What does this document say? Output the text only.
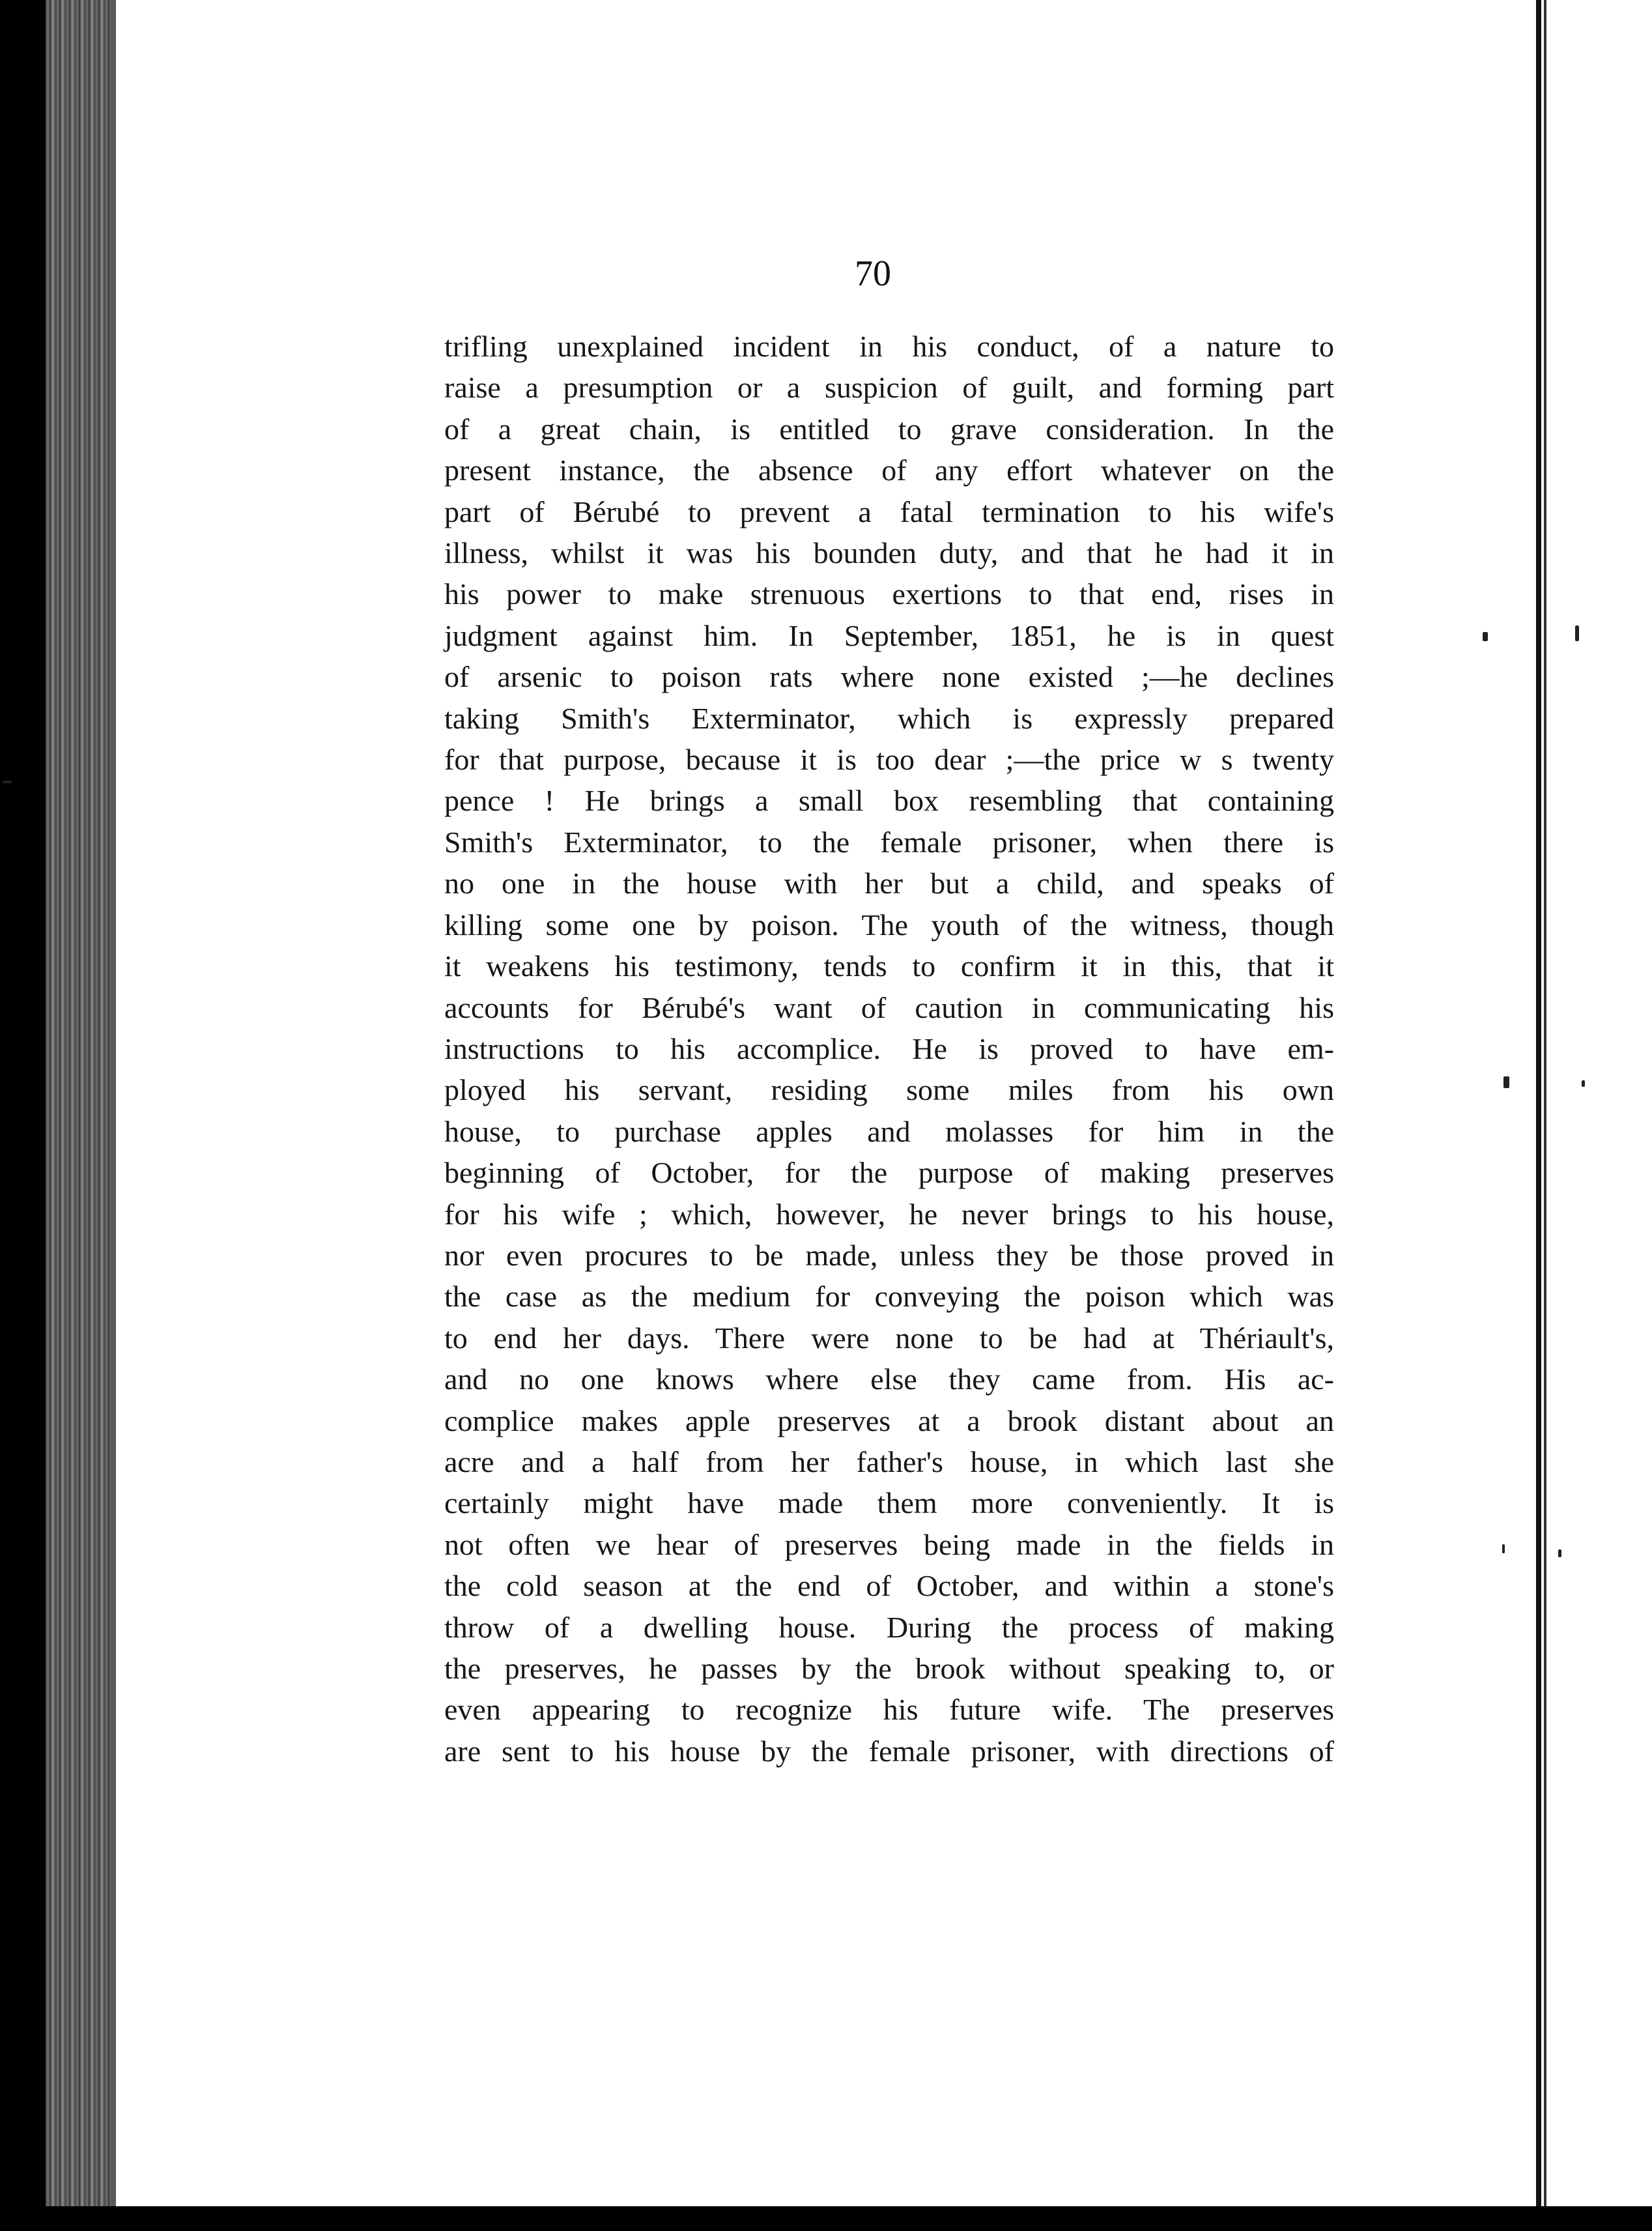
70

trifling unexplained incident in his conduct, of a nature to
raise a presumption or a suspicion of guilt, and forming part
of a great chain, is entitled to grave consideration. In the
present instance, the absence of any effort whatever on the
part of Bérubé to prevent a fatal termination to his wife's
illness, whilst it was his bounden duty, and that he had it in
his power to make strenuous exertions to that end, rises in
judgment against him. In September, 1851, he is in quest
of arsenic to poison rats where none existed ;—he declines
taking Smith's Exterminator, which is expressly prepared
for that purpose, because it is too dear ;—the price w s twenty
pence ! He brings a small box resembling that containing
Smith's Exterminator, to the female prisoner, when there is
no one in the house with her but a child, and speaks of
killing some one by poison. The youth of the witness, though
it weakens his testimony, tends to confirm it in this, that it
accounts for Bérubé's want of caution in communicating his
instructions to his accomplice. He is proved to have em-
ployed his servant, residing some miles from his own
house, to purchase apples and molasses for him in the
beginning of October, for the purpose of making preserves
for his wife ; which, however, he never brings to his house,
nor even procures to be made, unless they be those proved in
the case as the medium for conveying the poison which was
to end her days. There were none to be had at Thériault's,
and no one knows where else they came from. His ac-
complice makes apple preserves at a brook distant about an
acre and a half from her father's house, in which last she
certainly might have made them more conveniently. It is
not often we hear of preserves being made in the fields in
the cold season at the end of October, and within a stone's
throw of a dwelling house. During the process of making
the preserves, he passes by the brook without speaking to, or
even appearing to recognize his future wife. The preserves
are sent to his house by the female prisoner, with directions of
